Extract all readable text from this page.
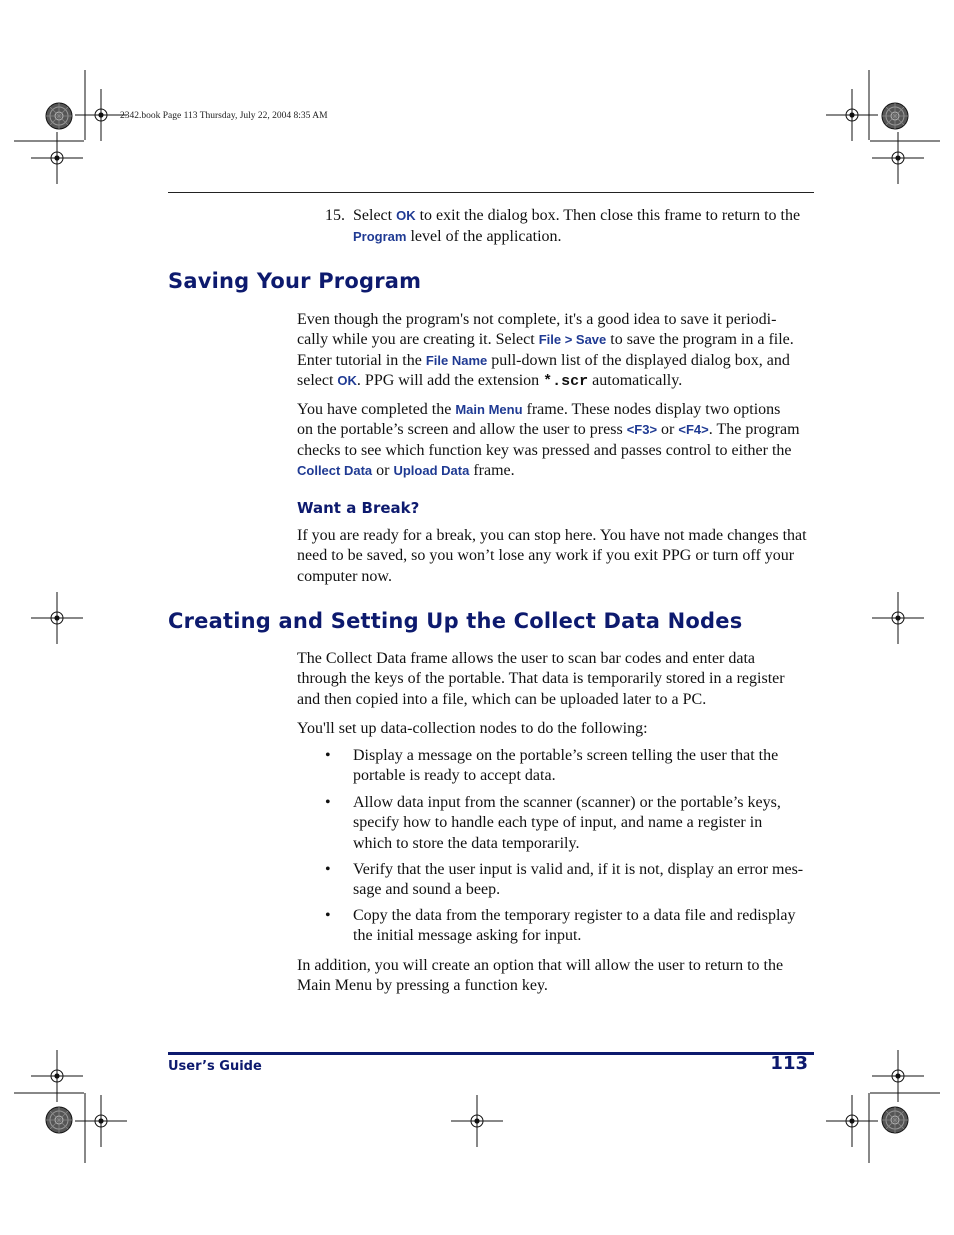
2342.book Page 113 Thursday, July 22, 2004 8:35 AM
15. Select OK to exit the dialog box. Then close this frame to return to the
Program level of the application.
Saving Your Program
Even though the program's not complete, it's a good idea to save it periodi-
cally while you are creating it. Select File > Save to save the program in a file.
Enter tutorial in the File Name pull-down list of the displayed dialog box, and
select OK. PPG will add the extension *.scr automatically.
You have completed the Main Menu frame. These nodes display two options
on the portable’s screen and allow the user to press <F3> or <F4>. The program
checks to see which function key was pressed and passes control to either the
Collect Data or Upload Data frame.
Want a Break?
If you are ready for a break, you can stop here. You have not made changes that
need to be saved, so you won’t lose any work if you exit PPG or turn off your
computer now.
Creating and Setting Up the Collect Data Nodes
The Collect Data frame allows the user to scan bar codes and enter data
through the keys of the portable. That data is temporarily stored in a register
and then copied into a file, which can be uploaded later to a PC.
You'll set up data-collection nodes to do the following:
• Display a message on the portable’s screen telling the user that the
portable is ready to accept data.
• Allow data input from the scanner (scanner) or the portable’s keys,
specify how to handle each type of input, and name a register in
which to store the data temporarily.
• Verify that the user input is valid and, if it is not, display an error mes-
sage and sound a beep.
• Copy the data from the temporary register to a data file and redisplay
the initial message asking for input.
In addition, you will create an option that will allow the user to return to the
Main Menu by pressing a function key.
User’s Guide	113
